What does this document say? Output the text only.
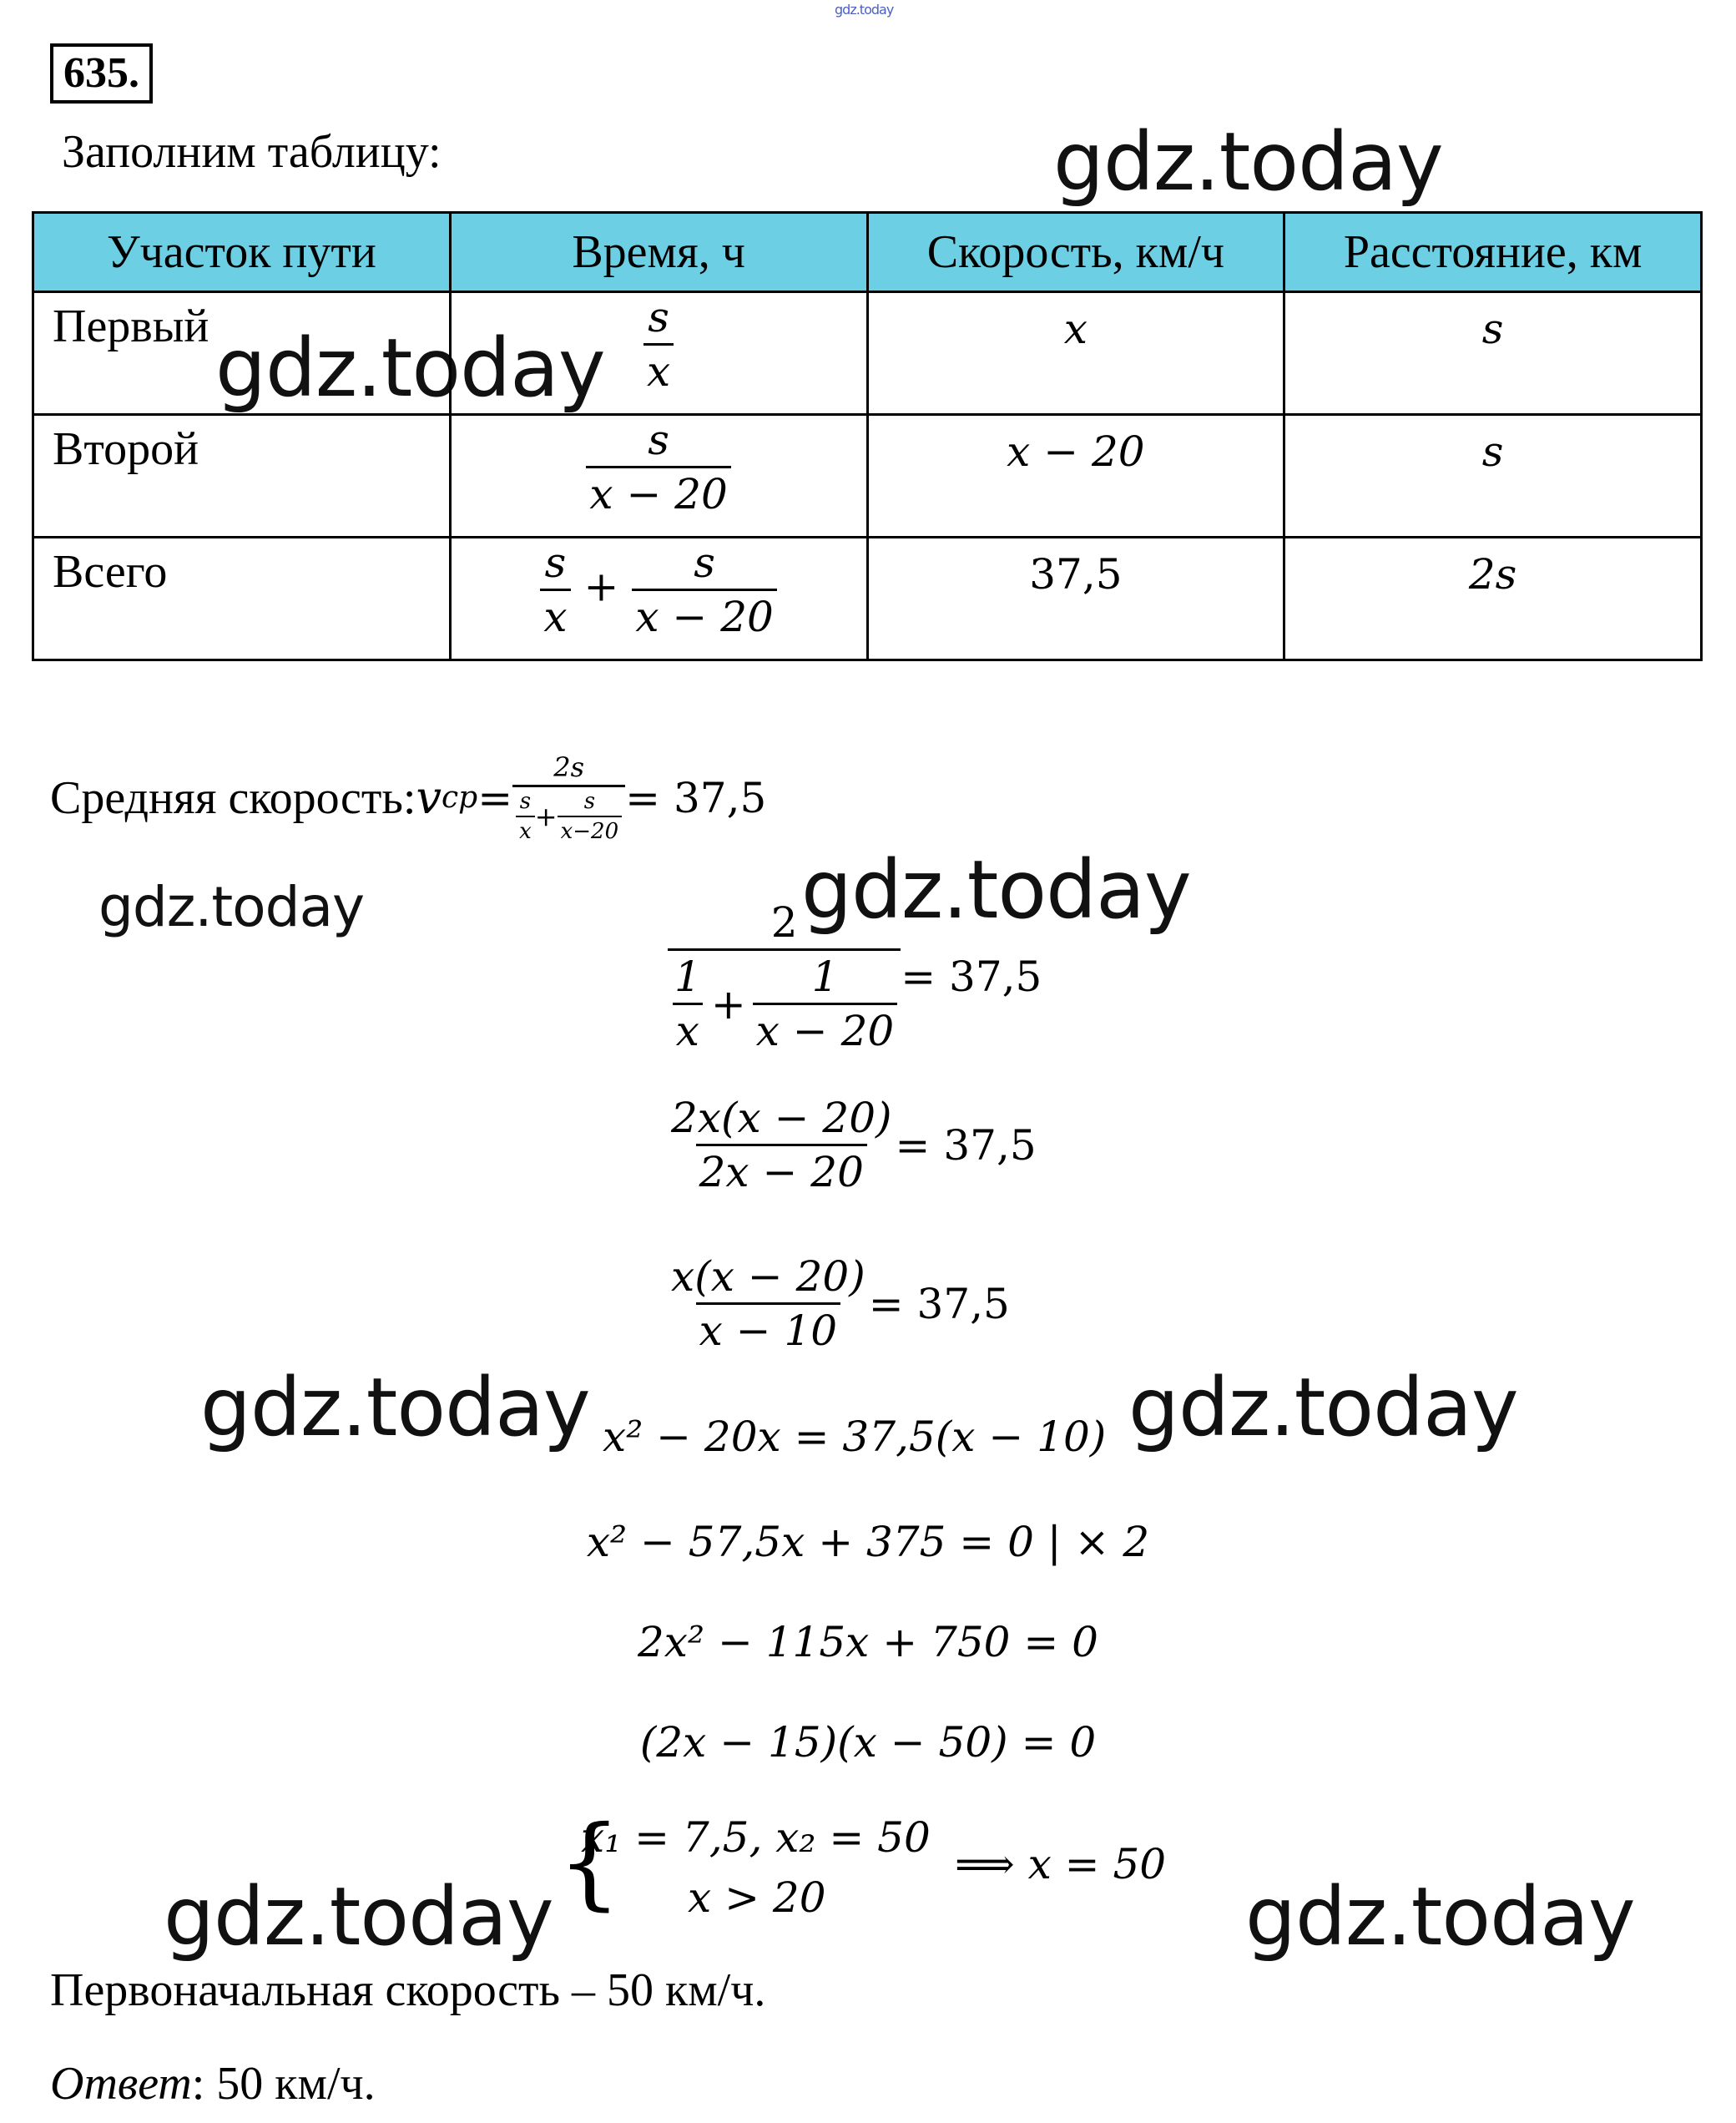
gdz.today
gdz.today
gdz.today
gdz.today	gdz.today
gdz.today	gdz.today
gdz.today	gdz.today
635.
Заполним таблицу:
Участок пути	Время, ч	Скорость, км/ч	Расстояние, км

Первый	$\frac{s}{x}$	x	s

Второй	$\frac{s}{x - 20}$	x − 20	s

Всего	$\frac{s}{x} + \frac{s}{x - 20}$	37,5	2s
Средняя скорость: v cp = $\frac{2s}{\frac{s}{x} + \frac{s}{x-20}} = 37,5$
$\frac{2}{\frac{1}{x} + \frac{1}{x - 20}} = 37,5$
$\frac{2x(x - 20)}{2x - 20} = 37,5$
$\frac{x(x - 20)}{x - 10} = 37,5$
x² − 20x = 37,5(x − 10)
x² − 57,5x + 375 = 0 | × 2
2x² − 115x + 750 = 0
(2x − 15)(x − 50) = 0
{
x₁ = 7,5, x₂ = 50
x > 20
⟹ x = 50
Первоначальная скорость – 50 км/ч.
Ответ: 50 км/ч.
